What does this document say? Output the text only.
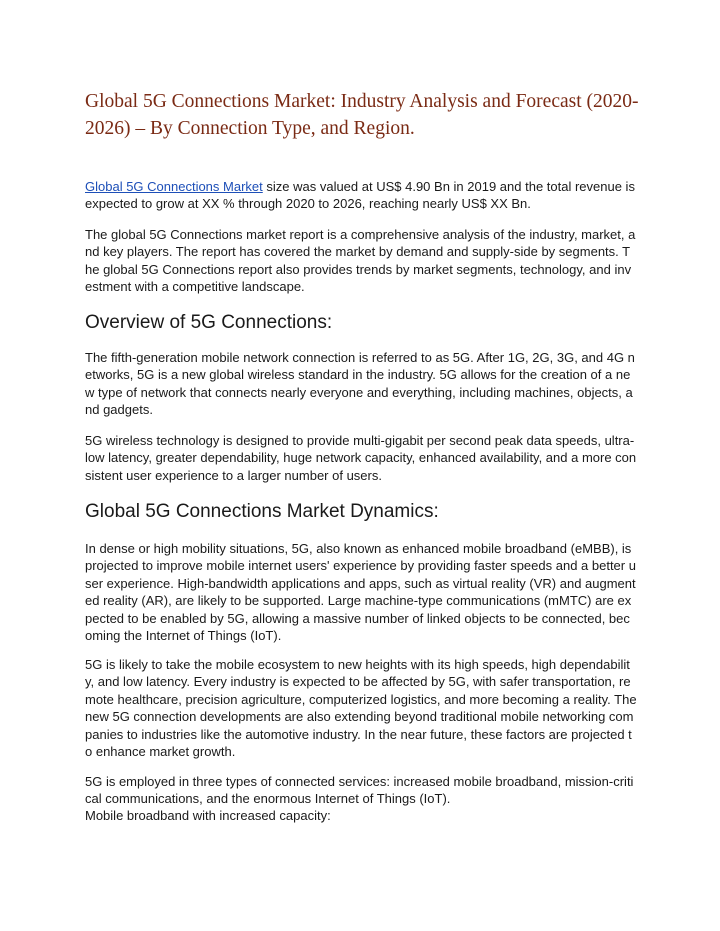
Global 5G Connections Market: Industry Analysis and Forecast (2020-2026) – By Connection Type, and Region.

Global 5G Connections Market size was valued at US$ 4.90 Bn in 2019 and the total revenue is expected to grow at XX % through 2020 to 2026, reaching nearly US$ XX Bn.

The global 5G Connections market report is a comprehensive analysis of the industry, market, and key players. The report has covered the market by demand and supply-side by segments. The global 5G Connections report also provides trends by market segments, technology, and investment with a competitive landscape.

Overview of 5G Connections:

The fifth-generation mobile network connection is referred to as 5G. After 1G, 2G, 3G, and 4G networks, 5G is a new global wireless standard in the industry. 5G allows for the creation of a new type of network that connects nearly everyone and everything, including machines, objects, and gadgets.

5G wireless technology is designed to provide multi-gigabit per second peak data speeds, ultra-low latency, greater dependability, huge network capacity, enhanced availability, and a more consistent user experience to a larger number of users.

Global 5G Connections Market Dynamics:

In dense or high mobility situations, 5G, also known as enhanced mobile broadband (eMBB), is projected to improve mobile internet users' experience by providing faster speeds and a better user experience. High-bandwidth applications and apps, such as virtual reality (VR) and augmented reality (AR), are likely to be supported. Large machine-type communications (mMTC) are expected to be enabled by 5G, allowing a massive number of linked objects to be connected, becoming the Internet of Things (IoT).

5G is likely to take the mobile ecosystem to new heights with its high speeds, high dependability, and low latency. Every industry is expected to be affected by 5G, with safer transportation, remote healthcare, precision agriculture, computerized logistics, and more becoming a reality. The new 5G connection developments are also extending beyond traditional mobile networking companies to industries like the automotive industry. In the near future, these factors are projected to enhance market growth.

5G is employed in three types of connected services: increased mobile broadband, mission-critical communications, and the enormous Internet of Things (IoT).

Mobile broadband with increased capacity:
